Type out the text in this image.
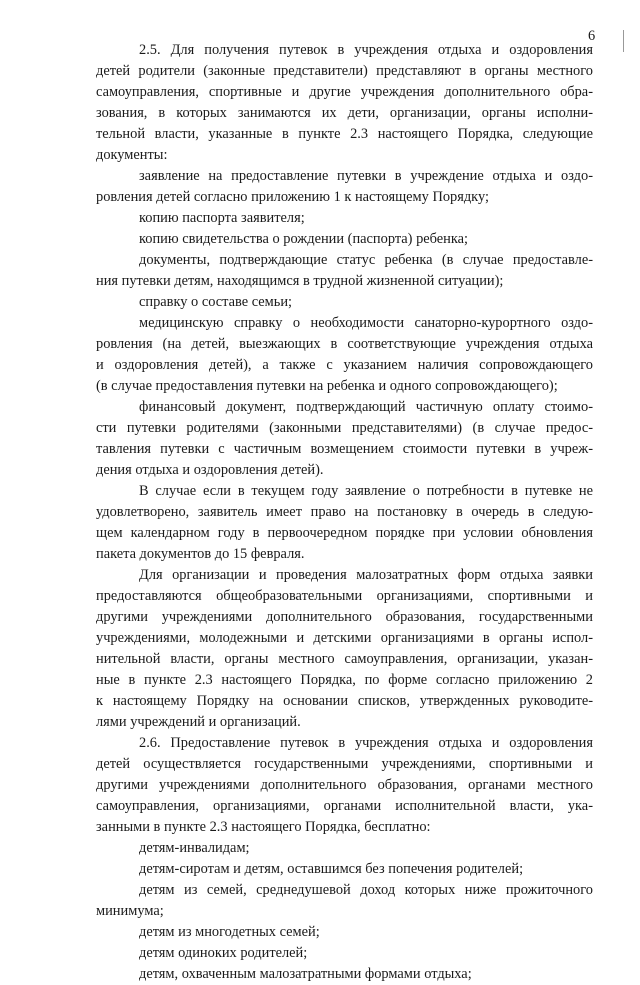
6
2.5. Для получения путевок в учреждения отдыха и оздоровления
детей родители (законные представители) представляют в органы местного
самоуправления, спортивные и другие учреждения дополнительного обра-
зования, в которых занимаются их дети, организации, органы исполни-
тельной власти, указанные в пункте 2.3 настоящего Порядка, следующие
документы:
заявление на предоставление путевки в учреждение отдыха и оздо-
ровления детей согласно приложению 1 к настоящему Порядку;
копию паспорта заявителя;
копию свидетельства о рождении (паспорта) ребенка;
документы, подтверждающие статус ребенка (в случае предоставле-
ния путевки детям, находящимся в трудной жизненной ситуации);
справку о составе семьи;
медицинскую справку о необходимости санаторно-курортного оздо-
ровления (на детей, выезжающих в соответствующие учреждения отдыха
и оздоровления детей), а также с указанием наличия сопровождающего
(в случае предоставления путевки на ребенка и одного сопровождающего);
финансовый документ, подтверждающий частичную оплату стоимо-
сти путевки родителями (законными представителями) (в случае предос-
тавления путевки с частичным возмещением стоимости путевки в учреж-
дения отдыха и оздоровления детей).
В случае если в текущем году заявление о потребности в путевке не
удовлетворено, заявитель имеет право на постановку в очередь в следую-
щем календарном году в первоочередном порядке при условии обновления
пакета документов до 15 февраля.
Для организации и проведения малозатратных форм отдыха заявки
предоставляются общеобразовательными организациями, спортивными и
другими учреждениями дополнительного образования, государственными
учреждениями, молодежными и детскими организациями в органы испол-
нительной власти, органы местного самоуправления, организации, указан-
ные в пункте 2.3 настоящего Порядка, по форме согласно приложению 2
к настоящему Порядку на основании списков, утвержденных руководите-
лями учреждений и организаций.
2.6. Предоставление путевок в учреждения отдыха и оздоровления
детей осуществляется государственными учреждениями, спортивными и
другими учреждениями дополнительного образования, органами местного
самоуправления, организациями, органами исполнительной власти, ука-
занными в пункте 2.3 настоящего Порядка, бесплатно:
детям-инвалидам;
детям-сиротам и детям, оставшимся без попечения родителей;
детям из семей, среднедушевой доход которых ниже прожиточного
минимума;
детям из многодетных семей;
детям одиноких родителей;
детям, охваченным малозатратными формами отдыха;
